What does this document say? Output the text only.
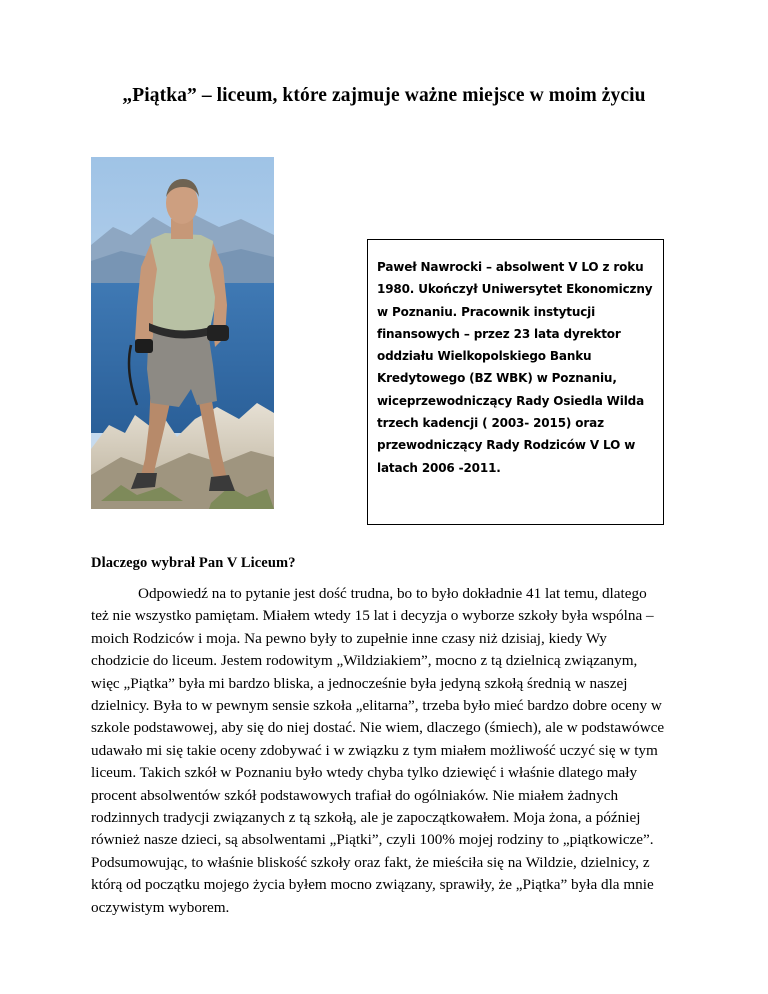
„Piątka” – liceum, które zajmuje ważne miejsce w moim życiu
Paweł Nawrocki – absolwent V LO z roku
1980. Ukończył Uniwersytet Ekonomiczny
w Poznaniu. Pracownik instytucji
finansowych – przez 23 lata dyrektor
oddziału Wielkopolskiego Banku
Kredytowego (BZ WBK) w Poznaniu,
wiceprzewodniczący Rady Osiedla Wilda
trzech kadencji ( 2003- 2015) oraz
przewodniczący Rady Rodziców V LO w
latach 2006 -2011.
Dlaczego wybrał Pan V Liceum?
Odpowiedź na to pytanie jest dość trudna, bo to było dokładnie 41 lat temu, dlatego
też nie wszystko pamiętam. Miałem wtedy 15 lat i decyzja o wyborze szkoły była wspólna –
moich Rodziców i moja. Na pewno były to zupełnie inne czasy niż dzisiaj, kiedy Wy
chodzicie do liceum. Jestem rodowitym „Wildziakiem”, mocno z tą dzielnicą związanym,
więc „Piątka” była mi bardzo bliska, a jednocześnie była jedyną szkołą średnią w naszej
dzielnicy. Była to w pewnym sensie szkoła „elitarna”, trzeba było mieć bardzo dobre oceny w
szkole podstawowej, aby się do niej dostać. Nie wiem, dlaczego (śmiech), ale w podstawówce
udawało mi się takie oceny zdobywać i w związku z tym miałem możliwość uczyć się w tym
liceum. Takich szkół w Poznaniu było wtedy chyba tylko dziewięć i właśnie dlatego mały
procent absolwentów szkół podstawowych trafiał do ogólniaków. Nie miałem żadnych
rodzinnych tradycji związanych z tą szkołą, ale je zapoczątkowałem. Moja żona, a później
również nasze dzieci, są absolwentami „Piątki”, czyli 100% mojej rodziny to „piątkowicze”.
Podsumowując, to właśnie bliskość szkoły oraz fakt, że mieściła się na Wildzie, dzielnicy, z
którą od początku mojego życia byłem mocno związany, sprawiły, że „Piątka” była dla mnie
oczywistym wyborem.
